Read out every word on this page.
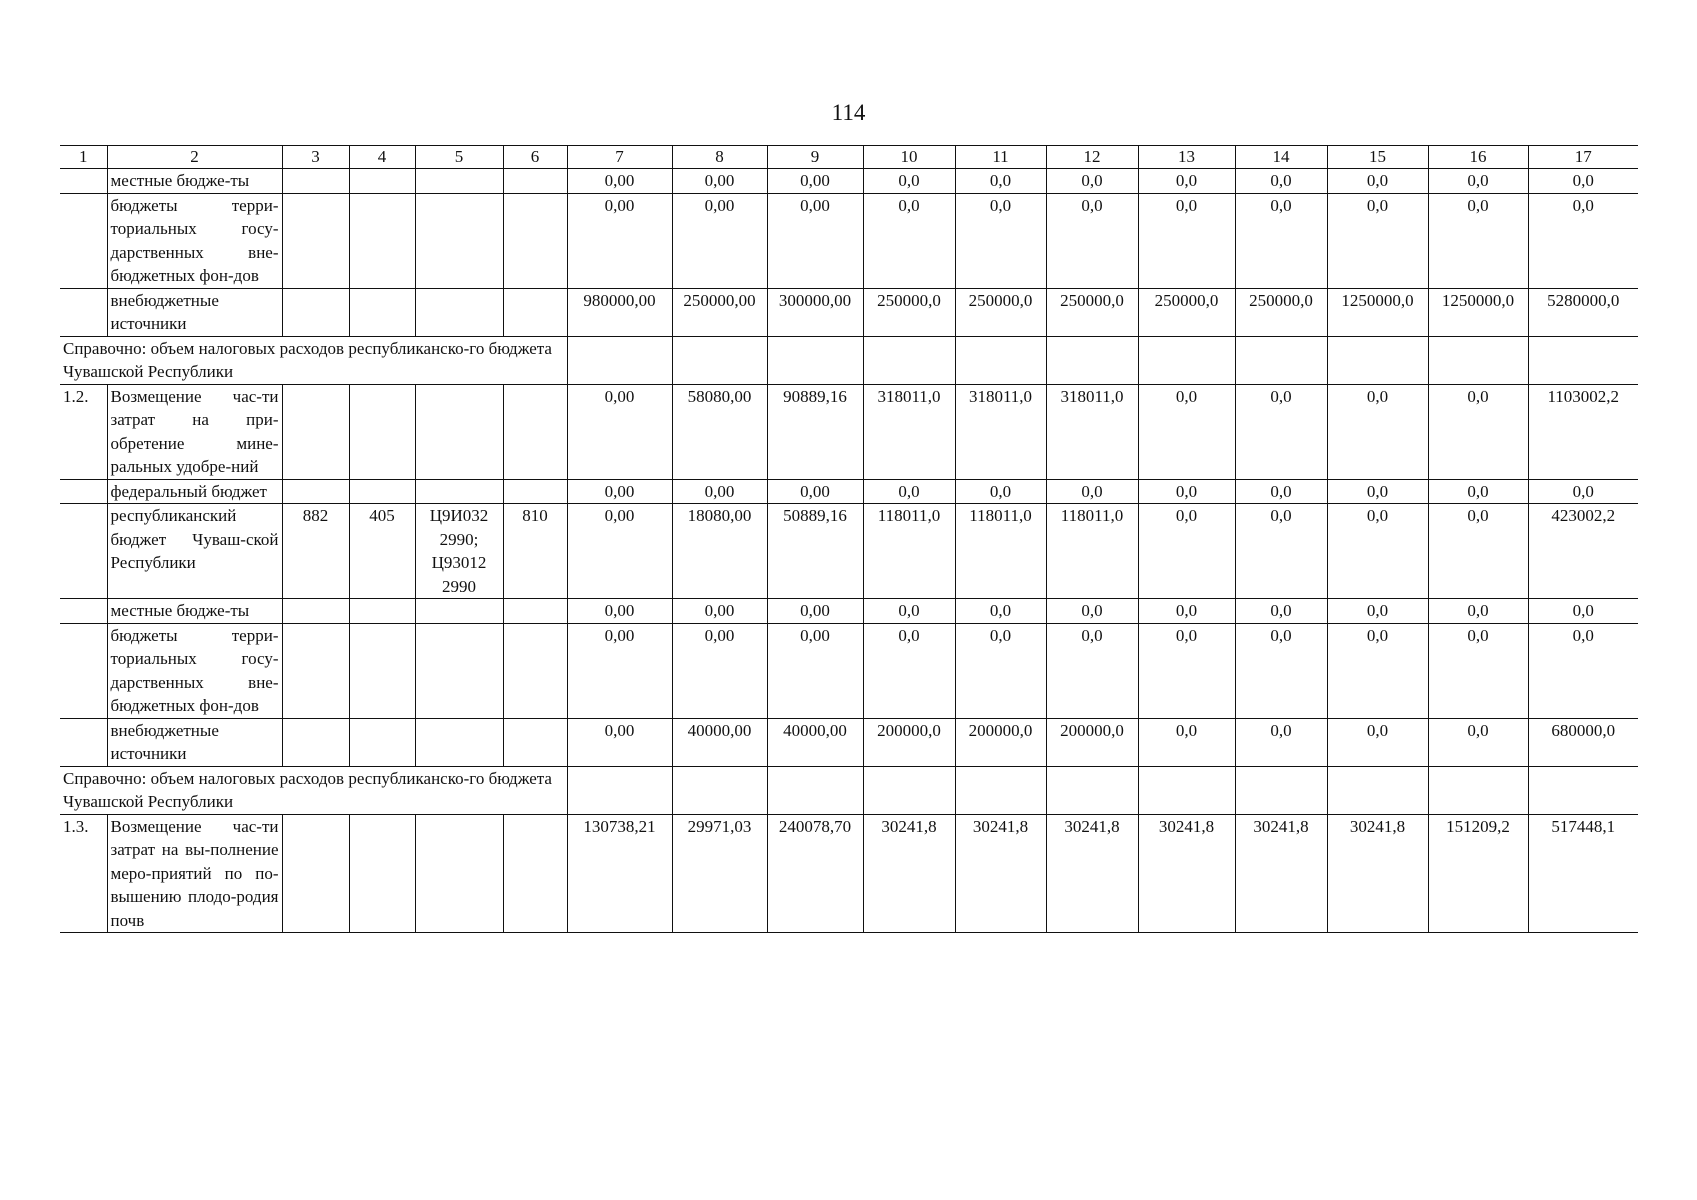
114
1	2	3	4	5	6	7	8	9	10	11	12	13	14	15	16	17
	местные бюдже-ты					0,00	0,00	0,00	0,0	0,0	0,0	0,0	0,0	0,0	0,0	0,0
	бюджеты терри-ториальных госу-дарственных вне-бюджетных фон-дов					0,00	0,00	0,00	0,0	0,0	0,0	0,0	0,0	0,0	0,0	0,0
	внебюджетные источники					980000,00	250000,00	300000,00	250000,0	250000,0	250000,0	250000,0	250000,0	1250000,0	1250000,0	5280000,0
Справочно: объем налоговых расходов республиканско-го бюджета Чувашской Республики																
1.2.	Возмещение час-ти затрат на при-обретение мине-ральных удобре-ний					0,00	58080,00	90889,16	318011,0	318011,0	318011,0	0,0	0,0	0,0	0,0	1103002,2
	федеральный бюджет					0,00	0,00	0,00	0,0	0,0	0,0	0,0	0,0	0,0	0,0	0,0
	республиканский бюджет Чуваш-ской Республики	882	405	Ц9И032 2990; Ц93012 2990	810	0,00	18080,00	50889,16	118011,0	118011,0	118011,0	0,0	0,0	0,0	0,0	423002,2
	местные бюдже-ты					0,00	0,00	0,00	0,0	0,0	0,0	0,0	0,0	0,0	0,0	0,0
	бюджеты терри-ториальных госу-дарственных вне-бюджетных фон-дов					0,00	0,00	0,00	0,0	0,0	0,0	0,0	0,0	0,0	0,0	0,0
	внебюджетные источники					0,00	40000,00	40000,00	200000,0	200000,0	200000,0	0,0	0,0	0,0	0,0	680000,0
Справочно: объем налоговых расходов республиканско-го бюджета Чувашской Республики																
1.3.	Возмещение час-ти затрат на вы-полнение меро-приятий по по-вышению плодо-родия почв					130738,21	29971,03	240078,70	30241,8	30241,8	30241,8	30241,8	30241,8	30241,8	151209,2	517448,1
